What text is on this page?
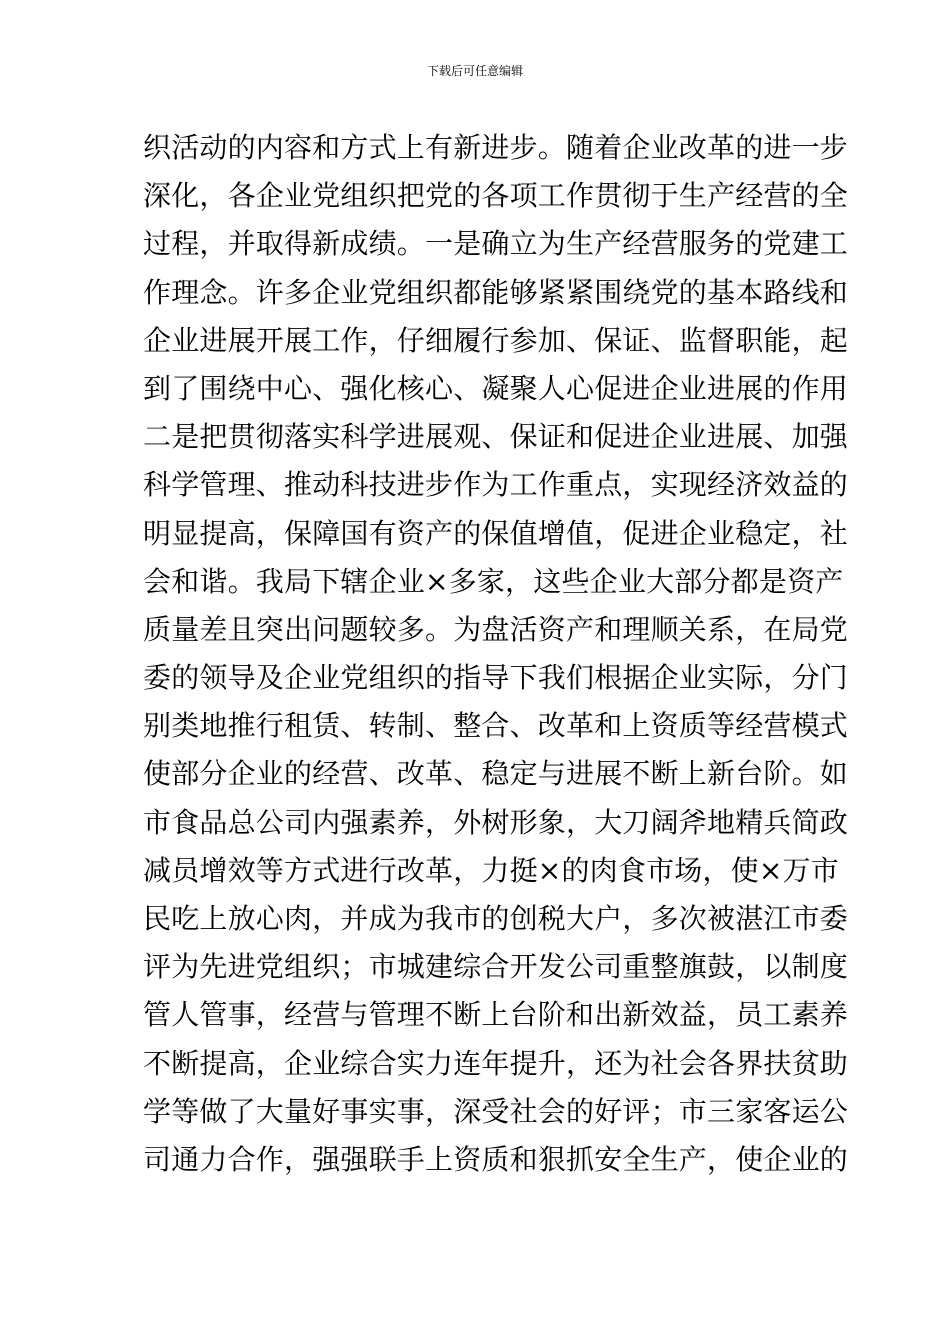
下载后可任意编辑
织活动的内容和方式上有新进步。随着企业改革的进一步
深化，各企业党组织把党的各项工作贯彻于生产经营的全
过程，并取得新成绩。一是确立为生产经营服务的党建工
作理念。许多企业党组织都能够紧紧围绕党的基本路线和
企业进展开展工作，仔细履行参加、保证、监督职能，起
到了围绕中心、强化核心、凝聚人心促进企业进展的作用
二是把贯彻落实科学进展观、保证和促进企业进展、加强
科学管理、推动科技进步作为工作重点，实现经济效益的
明显提高，保障国有资产的保值增值，促进企业稳定，社
会和谐。我局下辖企业×多家，这些企业大部分都是资产
质量差且突出问题较多。为盘活资产和理顺关系，在局党
委的领导及企业党组织的指导下我们根据企业实际，分门
别类地推行租赁、转制、整合、改革和上资质等经营模式
使部分企业的经营、改革、稳定与进展不断上新台阶。如
市食品总公司内强素养，外树形象，大刀阔斧地精兵简政
减员增效等方式进行改革，力挺×的肉食市场，使×万市
民吃上放心肉，并成为我市的创税大户，多次被湛江市委
评为先进党组织；市城建综合开发公司重整旗鼓，以制度
管人管事，经营与管理不断上台阶和出新效益，员工素养
不断提高，企业综合实力连年提升，还为社会各界扶贫助
学等做了大量好事实事，深受社会的好评；市三家客运公
司通力合作，强强联手上资质和狠抓安全生产，使企业的
